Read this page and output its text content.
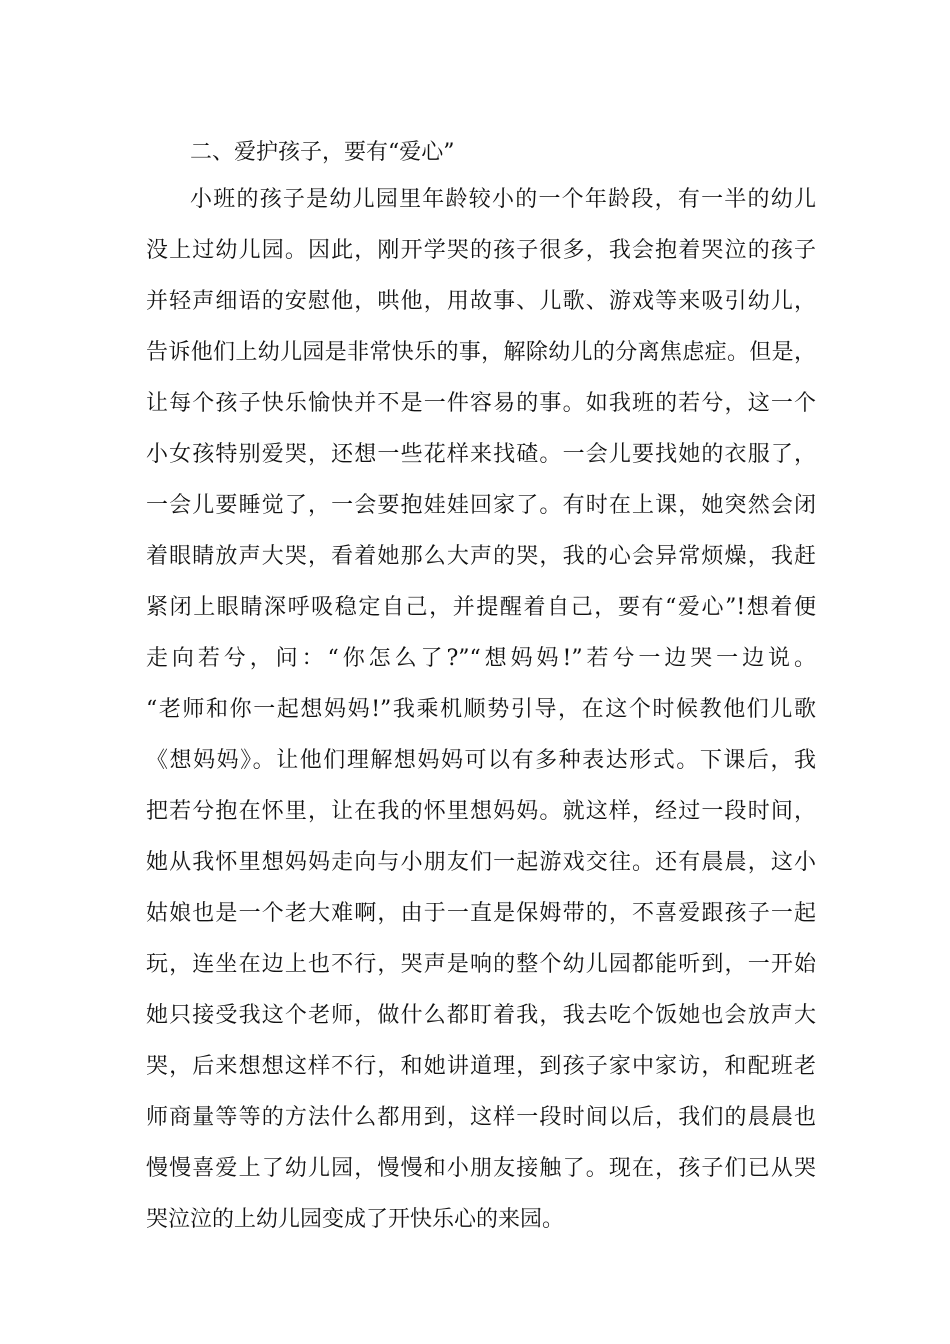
二、爱护孩子，要有“爱心”
小班的孩子是幼儿园里年龄较小的一个年龄段，有一半的幼儿
没上过幼儿园。因此，刚开学哭的孩子很多，我会抱着哭泣的孩子
并轻声细语的安慰他，哄他，用故事、儿歌、游戏等来吸引幼儿，
告诉他们上幼儿园是非常快乐的事，解除幼儿的分离焦虑症。但是，
让每个孩子快乐愉快并不是一件容易的事。如我班的若兮，这一个
小女孩特别爱哭，还想一些花样来找碴。一会儿要找她的衣服了，
一会儿要睡觉了，一会要抱娃娃回家了。有时在上课，她突然会闭
着眼睛放声大哭，看着她那么大声的哭，我的心会异常烦燥，我赶
紧闭上眼睛深呼吸稳定自己，并提醒着自己，要有“爱心”!想着便
走向若兮，问：“你怎么了?”“想妈妈!”若兮一边哭一边说。
“老师和你一起想妈妈!”我乘机顺势引导，在这个时候教他们儿歌
《想妈妈》。让他们理解想妈妈可以有多种表达形式。下课后，我
把若兮抱在怀里，让在我的怀里想妈妈。就这样，经过一段时间，
她从我怀里想妈妈走向与小朋友们一起游戏交往。还有晨晨，这小
姑娘也是一个老大难啊，由于一直是保姆带的，不喜爱跟孩子一起
玩，连坐在边上也不行，哭声是响的整个幼儿园都能听到，一开始
她只接受我这个老师，做什么都盯着我，我去吃个饭她也会放声大
哭，后来想想这样不行，和她讲道理，到孩子家中家访，和配班老
师商量等等的方法什么都用到，这样一段时间以后，我们的晨晨也
慢慢喜爱上了幼儿园，慢慢和小朋友接触了。现在，孩子们已从哭
哭泣泣的上幼儿园变成了开快乐心的来园。
